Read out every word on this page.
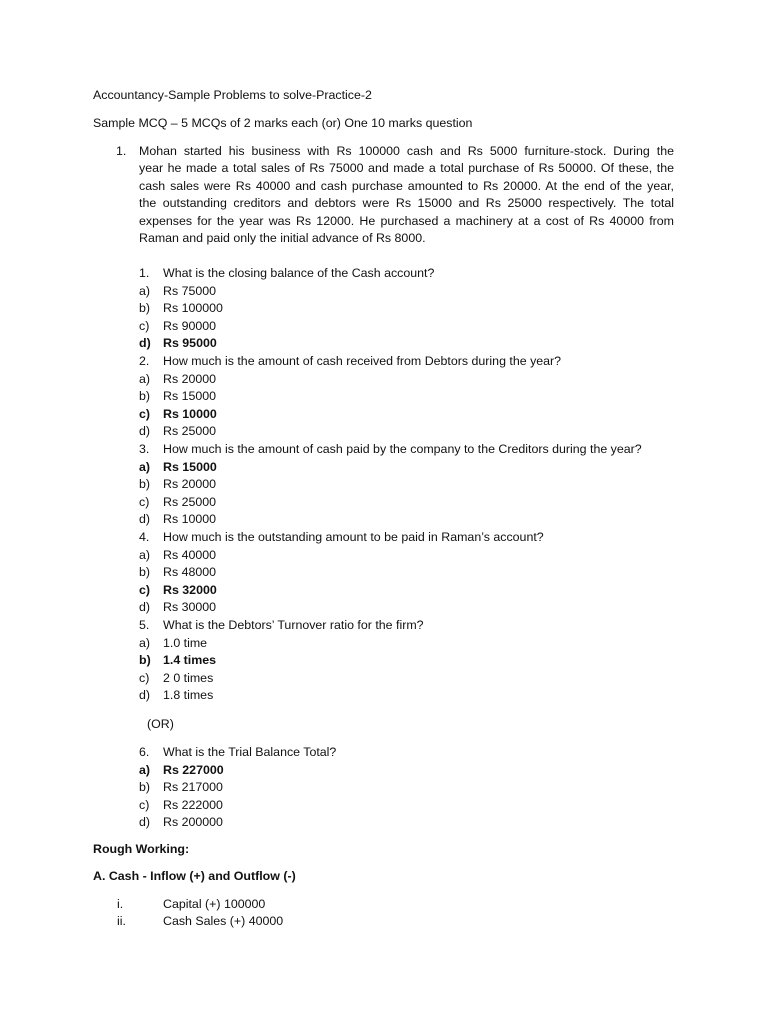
Accountancy-Sample Problems to solve-Practice-2
Sample MCQ – 5 MCQs of 2 marks each (or) One 10 marks question
1. Mohan started his business with Rs 100000 cash and Rs 5000 furniture-stock. During the
year he made a total sales of Rs 75000 and made a total purchase of Rs 50000. Of these, the
cash sales were Rs 40000 and cash purchase amounted to Rs 20000. At the end of the year,
the outstanding creditors and debtors were Rs 15000 and Rs 25000 respectively. The total
expenses for the year was Rs 12000. He purchased a machinery at a cost of Rs 40000 from
Raman and paid only the initial advance of Rs 8000.
1. What is the closing balance of the Cash account?
a) Rs 75000
b) Rs 100000
c) Rs 90000
d) Rs 95000
2. How much is the amount of cash received from Debtors during the year?
a) Rs 20000
b) Rs 15000
c) Rs 10000
d) Rs 25000
3. How much is the amount of cash paid by the company to the Creditors during the year?
a) Rs 15000
b) Rs 20000
c) Rs 25000
d) Rs 10000
4. How much is the outstanding amount to be paid in Raman’s account?
a) Rs 40000
b) Rs 48000
c) Rs 32000
d) Rs 30000
5. What is the Debtors’ Turnover ratio for the firm?
a) 1.0 time
b) 1.4 times
c) 2 0 times
d) 1.8 times
(OR)
6. What is the Trial Balance Total?
a) Rs 227000
b) Rs 217000
c) Rs 222000
d) Rs 200000
Rough Working:
A. Cash - Inflow (+) and Outflow (-)
i.	Capital (+) 100000
ii.	Cash Sales (+) 40000
